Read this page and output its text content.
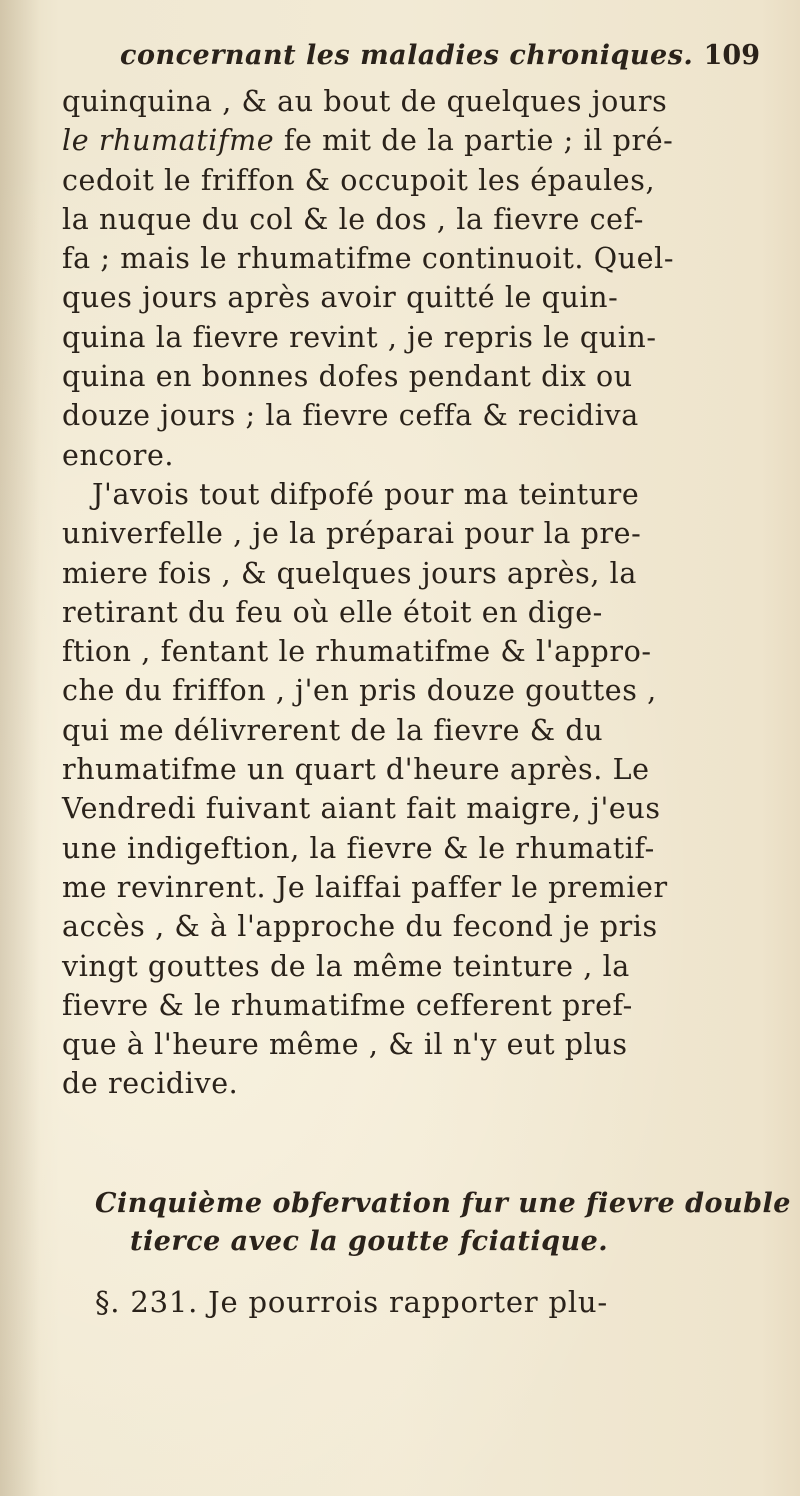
concernant les maladies chroniques. 109
quinquina , & au bout de quelques jours
le rhumatifme fe mit de la partie ; il pré-
cedoit le friffon & occupoit les épaules,
la nuque du col & le dos , la fievre cef-
fa ; mais le rhumatifme continuoit. Quel-
ques jours après avoir quitté le quin-
quina la fievre revint , je repris le quin-
quina en bonnes dofes pendant dix ou
douze jours ; la fievre ceffa & recidiva
encore.
J'avois tout difpofé pour ma teinture
univerfelle , je la préparai pour la pre-
miere fois , & quelques jours après, la
retirant du feu où elle étoit en dige-
ftion , fentant le rhumatifme & l'appro-
che du friffon , j'en pris douze gouttes ,
qui me délivrerent de la fievre & du
rhumatifme un quart d'heure après. Le
Vendredi fuivant aiant fait maigre, j'eus
une indigeftion, la fievre & le rhumatif-
me revinrent. Je laiffai paffer le premier
accès , & à l'approche du fecond je pris
vingt gouttes de la même teinture , la
fievre & le rhumatifme cefferent pref-
que à l'heure même , & il n'y eut plus
de recidive.
Cinquième obfervation fur une fievre double
tierce avec la goutte fciatique.
§. 231. Je pourrois rapporter plu-
